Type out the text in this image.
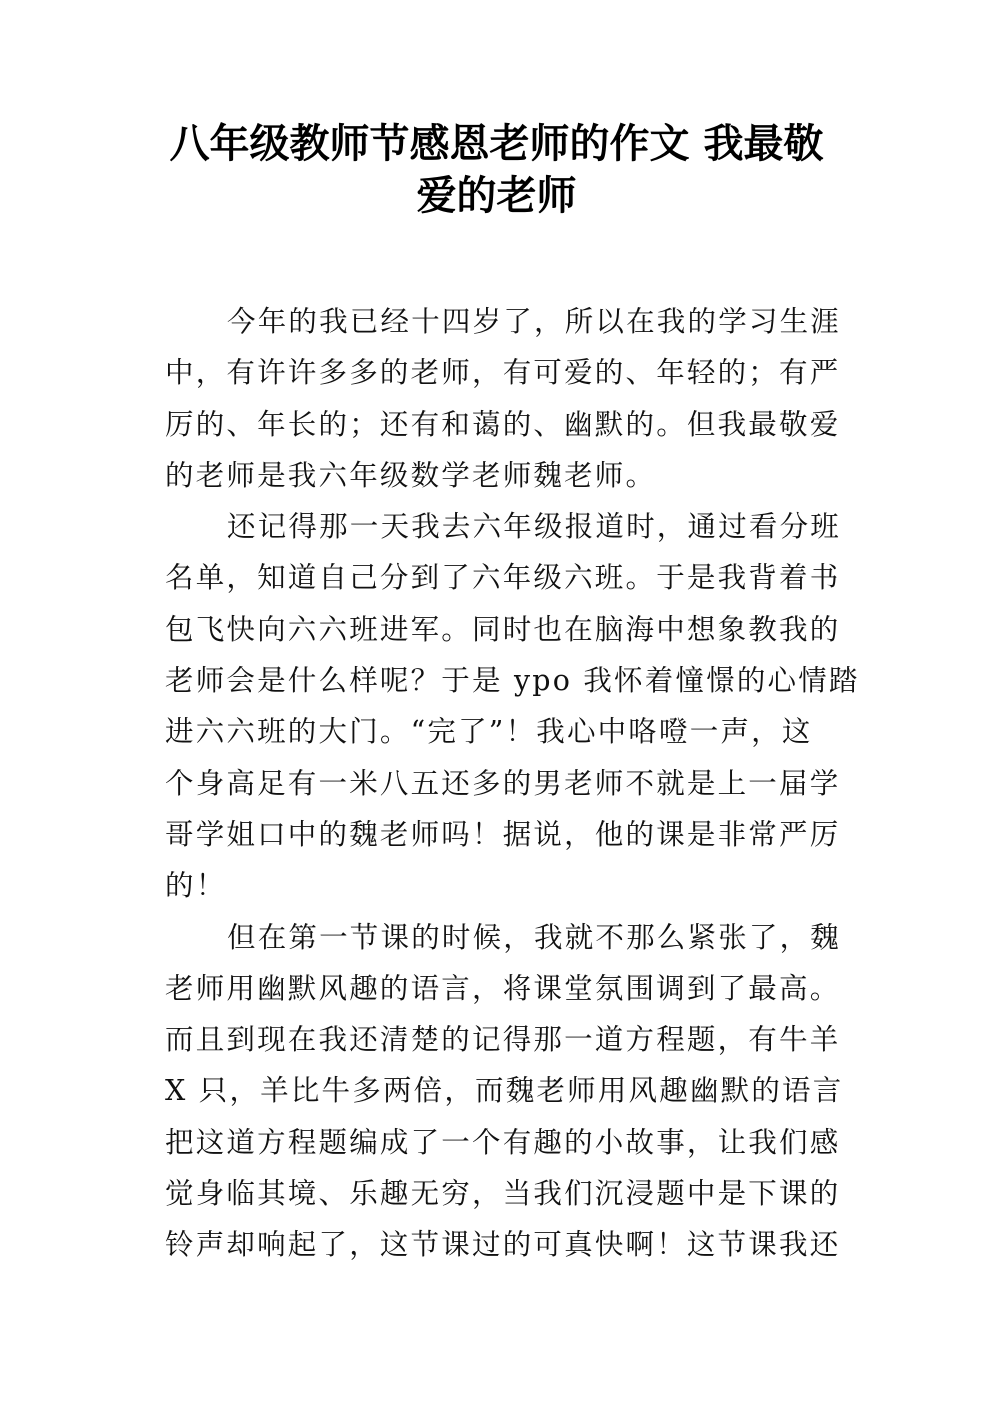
八年级教师节感恩老师的作文 我最敬
爱的老师
今年的我已经十四岁了，所以在我的学习生涯
中，有许许多多的老师，有可爱的、年轻的；有严
厉的、年长的；还有和蔼的、幽默的。但我最敬爱
的老师是我六年级数学老师魏老师。
还记得那一天我去六年级报道时，通过看分班
名单，知道自己分到了六年级六班。于是我背着书
包飞快向六六班进军。同时也在脑海中想象教我的
老师会是什么样呢？于是 ypo 我怀着憧憬的心情踏
进六六班的大门。“完了”！我心中咯噔一声，这
个身高足有一米八五还多的男老师不就是上一届学
哥学姐口中的魏老师吗！据说，他的课是非常严厉
的！
但在第一节课的时候，我就不那么紧张了，魏
老师用幽默风趣的语言，将课堂氛围调到了最高。
而且到现在我还清楚的记得那一道方程题，有牛羊
X 只，羊比牛多两倍，而魏老师用风趣幽默的语言
把这道方程题编成了一个有趣的小故事，让我们感
觉身临其境、乐趣无穷，当我们沉浸题中是下课的
铃声却响起了，这节课过的可真快啊！这节课我还
